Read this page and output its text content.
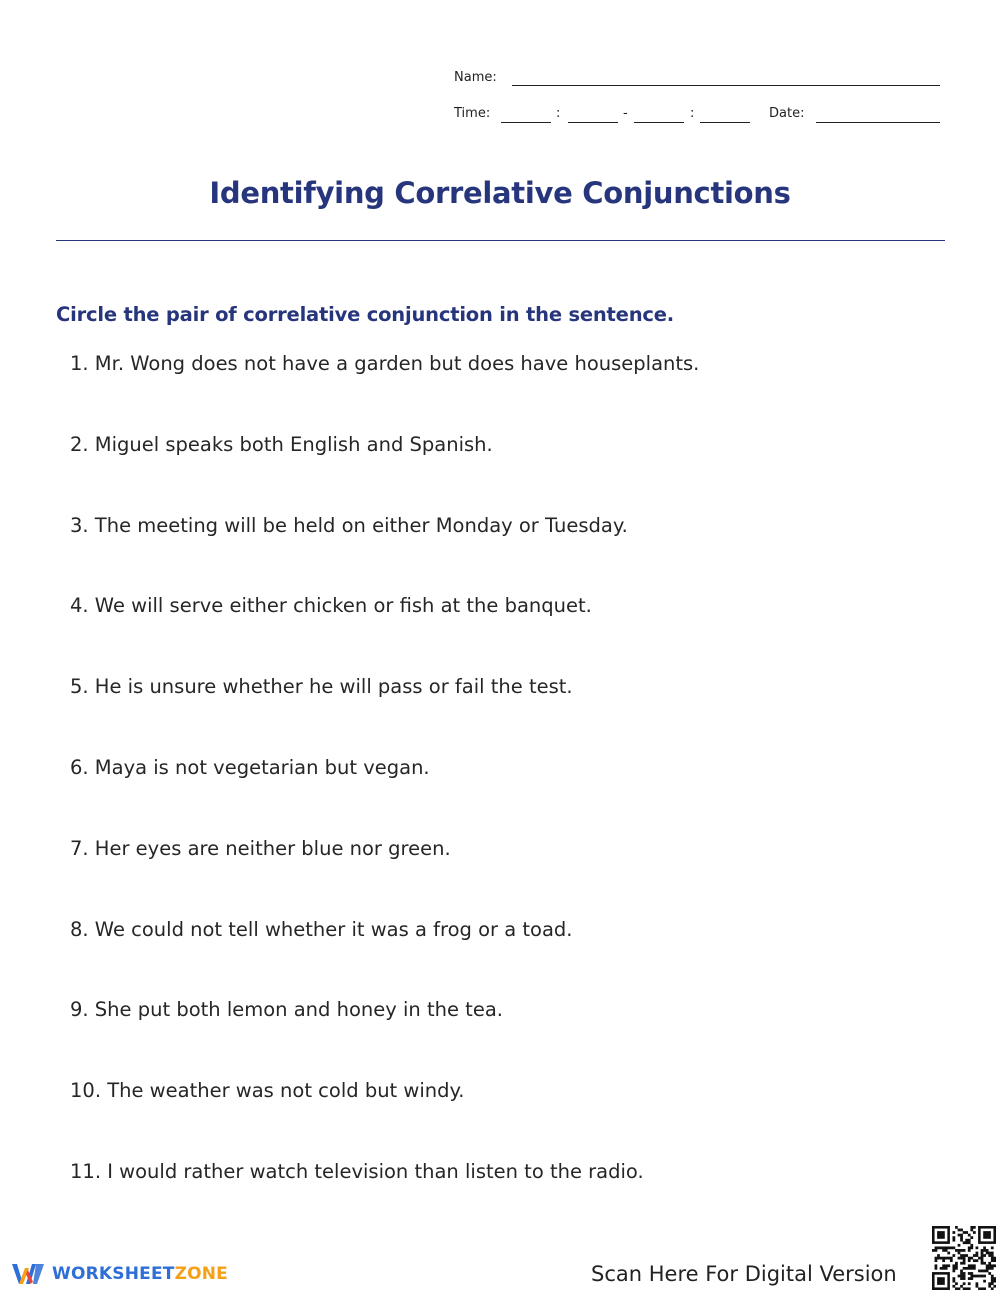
Name:
Time:	:	-	:	Date:
Identifying Correlative Conjunctions
Circle the pair of correlative conjunction in the sentence.
1. Mr. Wong does not have a garden but does have houseplants.
2. Miguel speaks both English and Spanish.
3. The meeting will be held on either Monday or Tuesday.
4. We will serve either chicken or fish at the banquet.
5. He is unsure whether he will pass or fail the test.
6. Maya is not vegetarian but vegan.
7. Her eyes are neither blue nor green.
8. We could not tell whether it was a frog or a toad.
9. She put both lemon and honey in the tea.
10. The weather was not cold but windy.
11. I would rather watch television than listen to the radio.
WORKSHEET ZONE	Scan Here For Digital Version
